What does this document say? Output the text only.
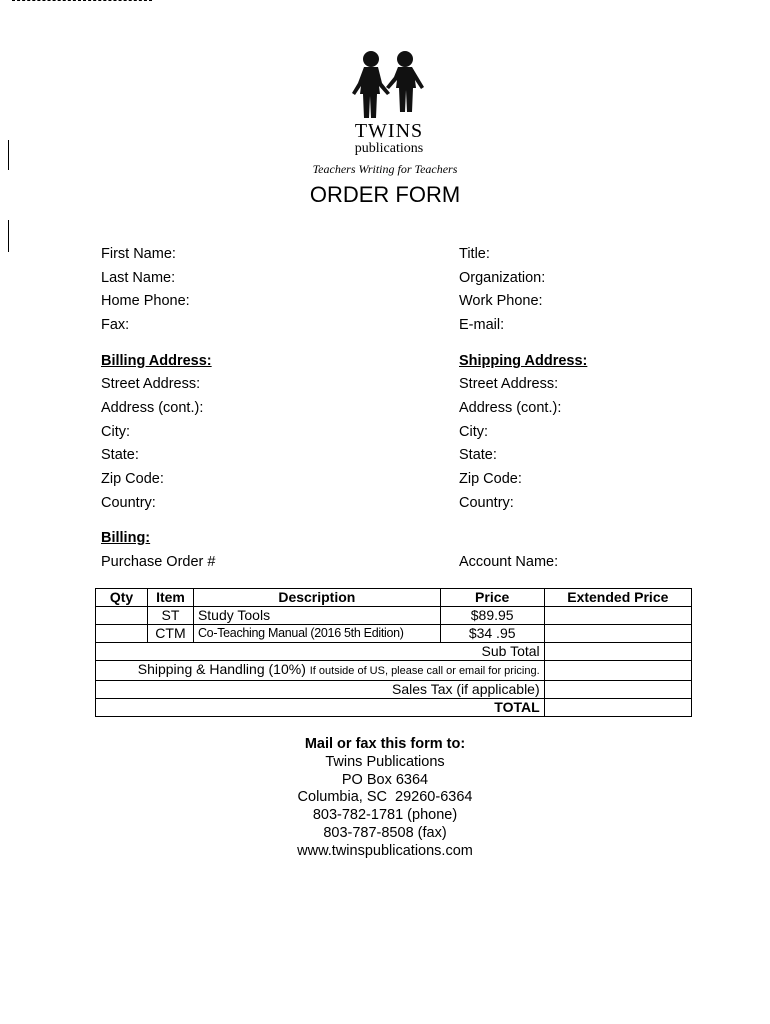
TWINS
publications
Teachers Writing for Teachers
ORDER FORM
First Name:
Last Name:
Home Phone:
Fax:
Title:
Organization:
Work Phone:
E-mail:
Billing Address:
Street Address:
Address (cont.):
City:
State:
Zip Code:
Country:
Shipping Address:
Street Address:
Address (cont.):
City:
State:
Zip Code:
Country:
Billing:
Purchase Order #	Account Name:
Qty	Item	Description	Price	Extended Price
	ST	Study Tools	$89.95	
	CTM	Co-Teaching Manual (2016 5th Edition)	$34 .95	
Sub Total				
Shipping & Handling (10%) If outside of US, please call or email for pricing.				
Sales Tax (if applicable)				
TOTAL				
Mail or fax this form to:
Twins Publications
PO Box 6364
Columbia, SC  29260-6364
803-782-1781 (phone)
803-787-8508 (fax)
www.twinspublications.com
